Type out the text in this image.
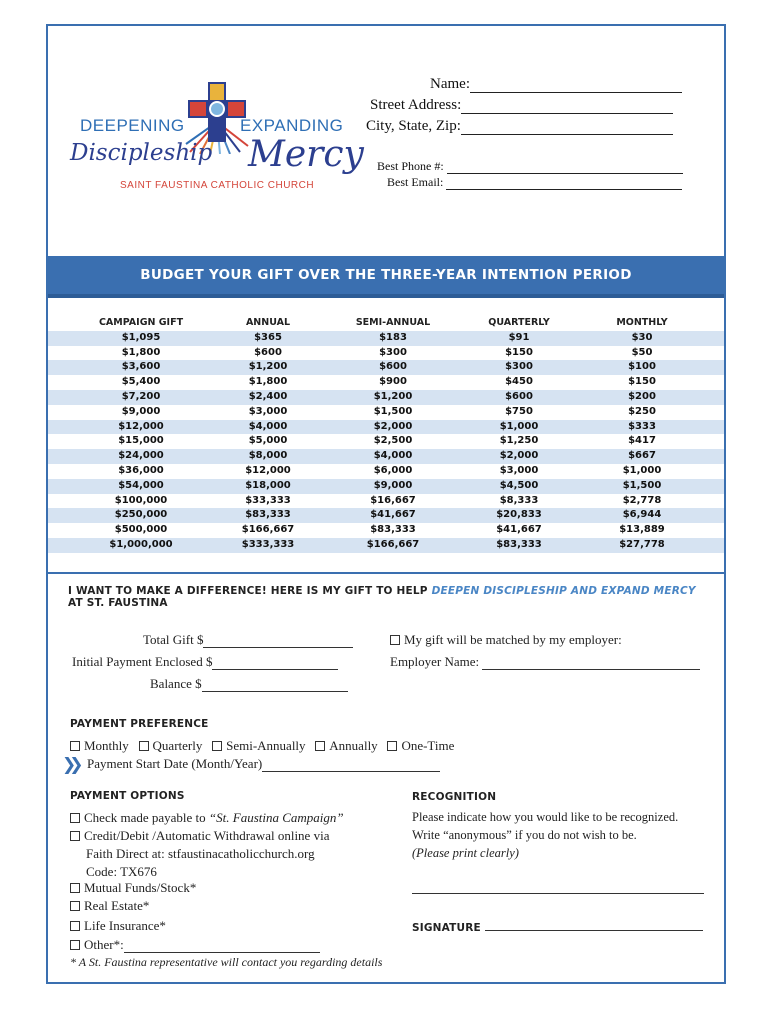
DEEPENING	EXPANDING
Discipleship Mercy
SAINT FAUSTINA CATHOLIC CHURCH
Name:
Street Address:
City, State, Zip:
Best Phone #:
Best Email:
BUDGET YOUR GIFT OVER THE THREE-YEAR INTENTION PERIOD
CAMPAIGN GIFT	ANNUAL	SEMI-ANNUAL	QUARTERLY	MONTHLY
$1,095	$365	$183	$91	$30
$1,800	$600	$300	$150	$50
$3,600	$1,200	$600	$300	$100
$5,400	$1,800	$900	$450	$150
$7,200	$2,400	$1,200	$600	$200
$9,000	$3,000	$1,500	$750	$250
$12,000	$4,000	$2,000	$1,000	$333
$15,000	$5,000	$2,500	$1,250	$417
$24,000	$8,000	$4,000	$2,000	$667
$36,000	$12,000	$6,000	$3,000	$1,000
$54,000	$18,000	$9,000	$4,500	$1,500
$100,000	$33,333	$16,667	$8,333	$2,778
$250,000	$83,333	$41,667	$20,833	$6,944
$500,000	$166,667	$83,333	$41,667	$13,889
$1,000,000	$333,333	$166,667	$83,333	$27,778
I WANT TO MAKE A DIFFERENCE! HERE IS MY GIFT TO HELP DEEPEN DISCIPLESHIP AND EXPAND MERCY
AT ST. FAUSTINA
Total Gift $
Initial Payment Enclosed $
Balance $
My gift will be matched by my employer:
Employer Name:
PAYMENT PREFERENCE
Monthly Quarterly Semi-Annually Annually One-Time
❯❯ Payment Start Date (Month/Year)
PAYMENT OPTIONS
Check made payable to “St. Faustina Campaign”
Credit/Debit /Automatic Withdrawal online via
Faith Direct at: stfaustinacatholicchurch.org
Code: TX676
Mutual Funds/Stock*
Real Estate*
Life Insurance*
Other*:
* A St. Faustina representative will contact you regarding details
RECOGNITION
Please indicate how you would like to be recognized.
Write “anonymous” if you do not wish to be.
(Please print clearly)
SIGNATURE
